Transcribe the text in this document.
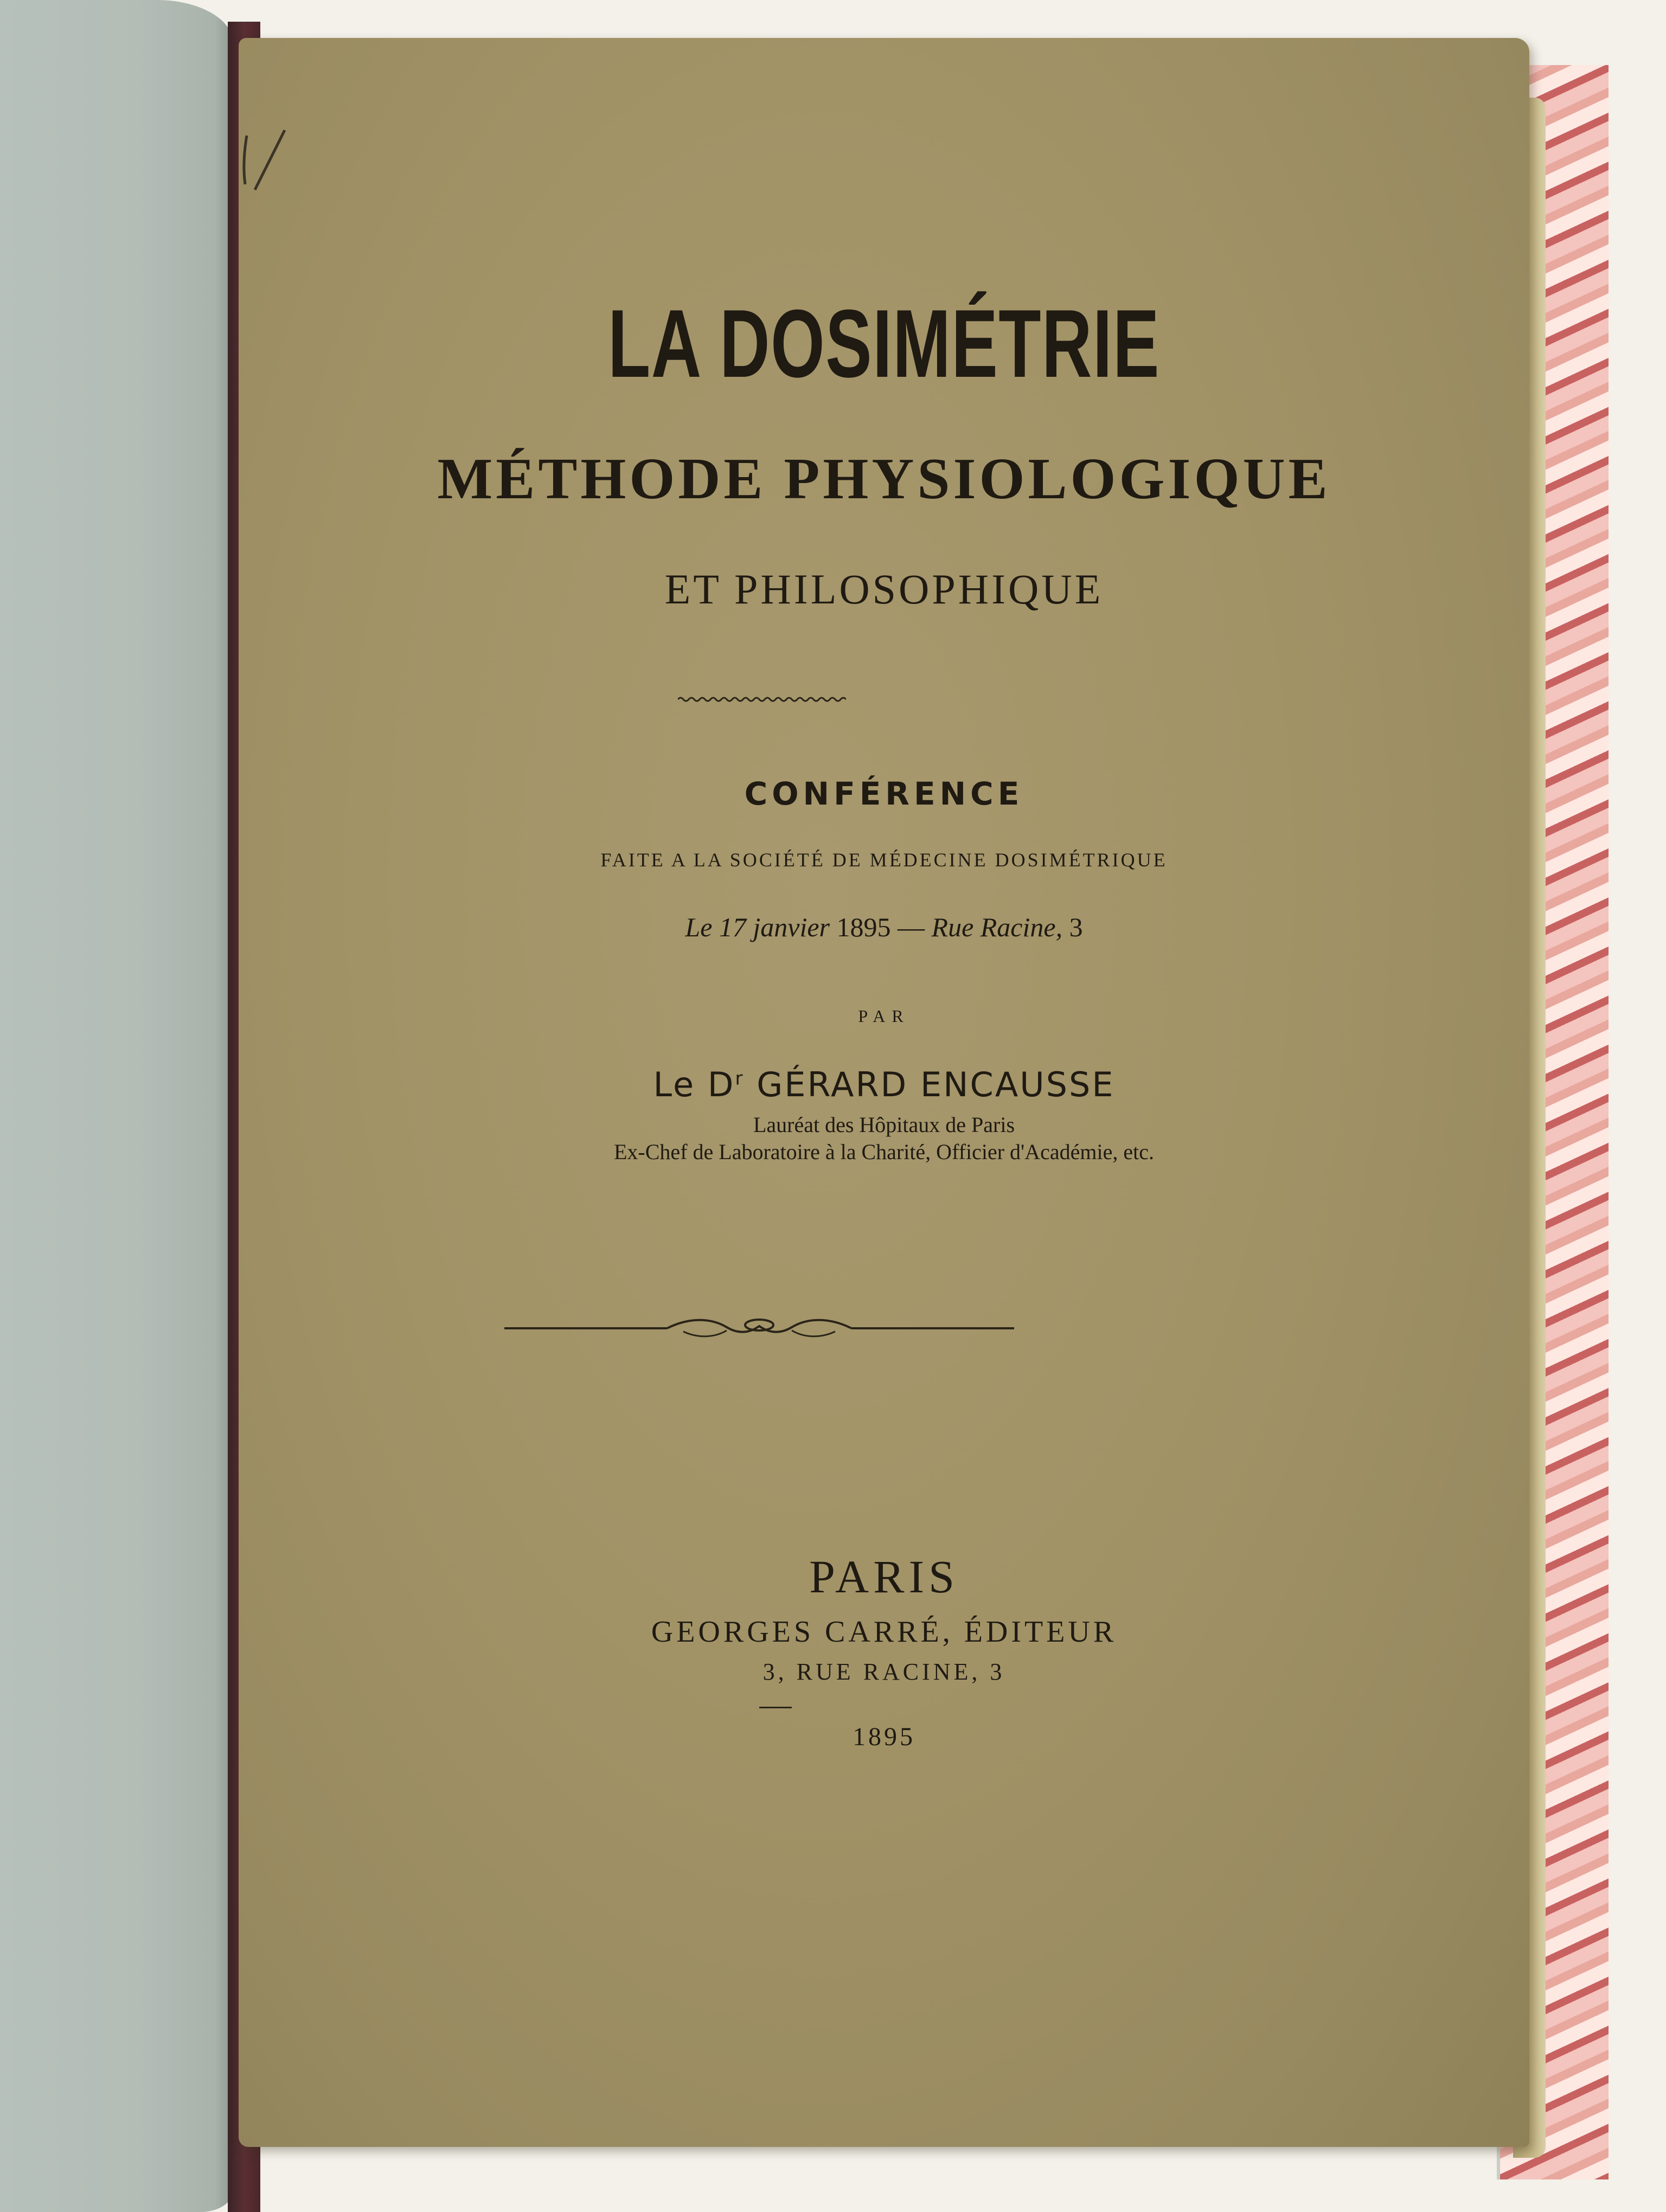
LA DOSIMÉTRIE
MÉTHODE PHYSIOLOGIQUE
ET PHILOSOPHIQUE
CONFÉRENCE
FAITE A LA SOCIÉTÉ DE MÉDECINE DOSIMÉTRIQUE
Le 17 janvier 1895 — Rue Racine, 3
PAR
Le $D^r$ GÉRARD ENCAUSSE
Lauréat des Hôpitaux de Paris
Ex-Chef de Laboratoire à la Charité, Officier d'Académie, etc.
PARIS
GEORGES CARRÉ, ÉDITEUR
3, RUE RACINE, 3
1895
